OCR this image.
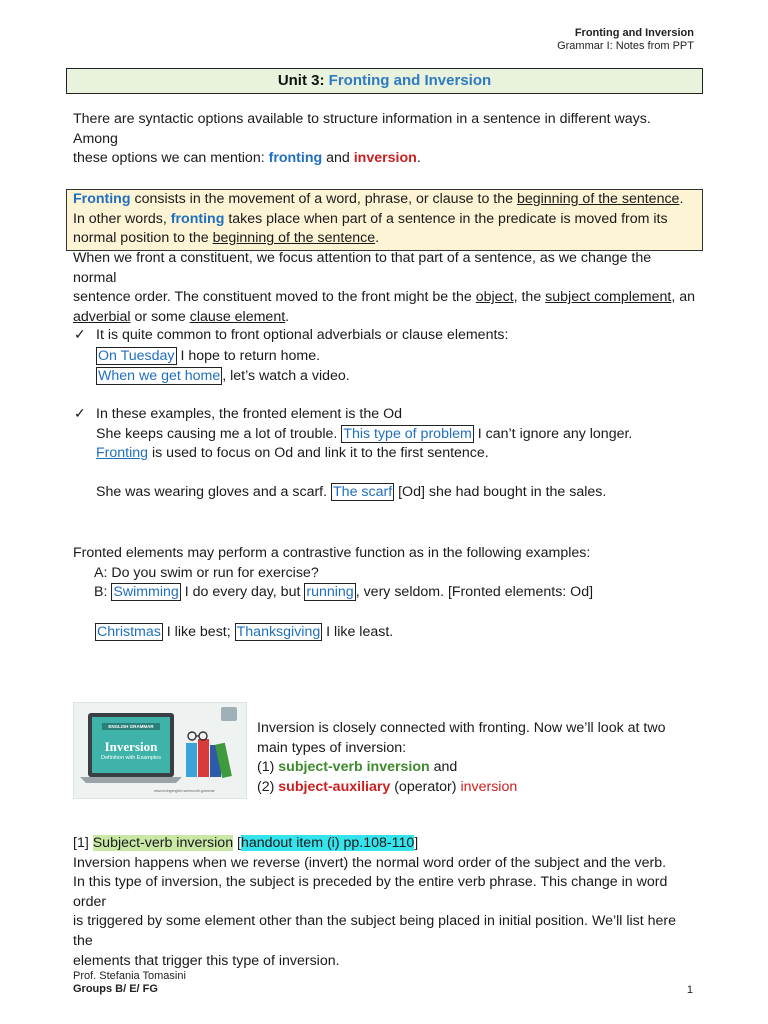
Fronting and Inversion
Grammar I: Notes from PPT
Unit 3: Fronting and Inversion
There are syntactic options available to structure information in a sentence in different ways. Among
these options we can mention: fronting and inversion.
Fronting consists in the movement of a word, phrase, or clause to the beginning of the sentence.
In other words, fronting takes place when part of a sentence in the predicate is moved from its
normal position to the beginning of the sentence.
When we front a constituent, we focus attention to that part of a sentence, as we change the normal
sentence order. The constituent moved to the front might be the object, the subject complement, an
adverbial or some clause element.
✓ It is quite common to front optional adverbials or clause elements:
On Tuesday I hope to return home.
When we get home , let’s watch a video.
✓ In these examples, the fronted element is the Od
She keeps causing me a lot of trouble. This type of problem I can’t ignore any longer.
Fronting is used to focus on Od and link it to the first sentence.
She was wearing gloves and a scarf. The scarf [Od] she had bought in the sales.
Fronted elements may perform a contrastive function as in the following examples:
A: Do you swim or run for exercise?
B: Swimming I do every day, but running , very seldom. [Fronted elements: Od]
Christmas I like best; Thanksgiving I like least.
ENGLISH GRAMMAR
Inversion
Definition with Examples
www.lovingenglish.wrinmouth.grammar
Inversion is closely connected with fronting. Now we’ll look at two
main types of inversion:
(1) subject-verb inversion and
(2) subject-auxiliary (operator) inversion
[1] Subject-verb inversion [handout item (i) pp.108-110]
Inversion happens when we reverse (invert) the normal word order of the subject and the verb.
In this type of inversion, the subject is preceded by the entire verb phrase. This change in word order
is triggered by some element other than the subject being placed in initial position. We’ll list here the
elements that trigger this type of inversion.
Prof. Stefania Tomasini
Groups B/ E/ FG	1
